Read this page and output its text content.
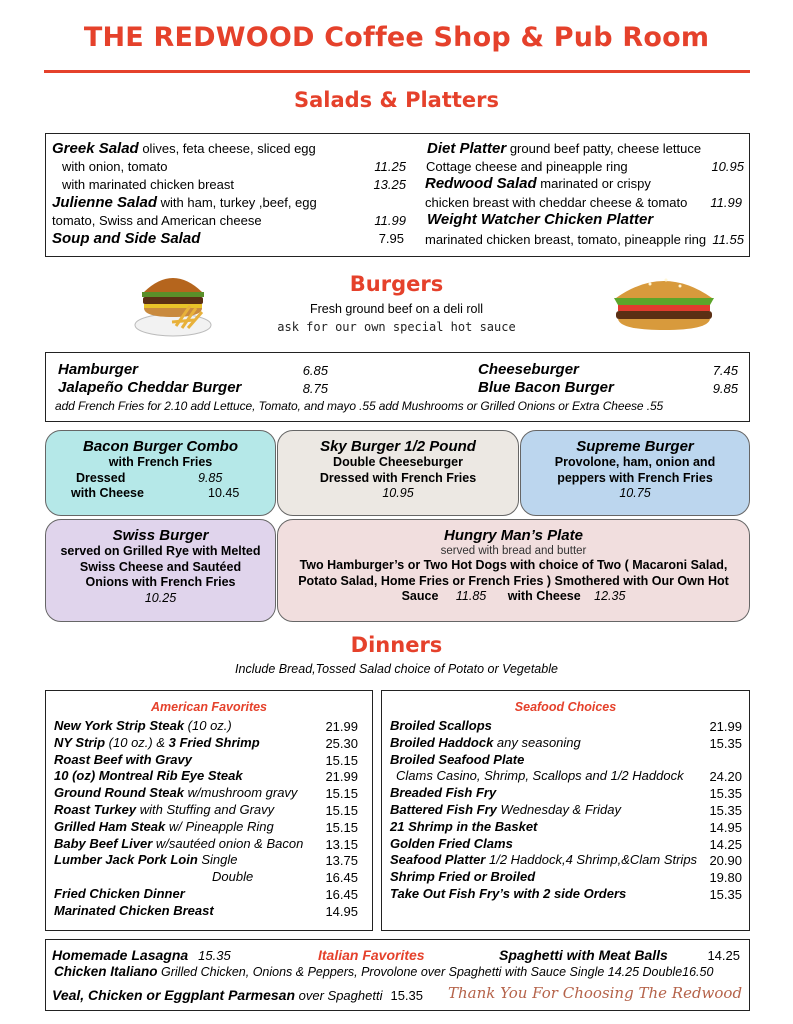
THE REDWOOD Coffee Shop & Pub Room
Salads & Platters
Greek Salad olives, feta cheese, sliced egg
with onion, tomato	11.25
with marinated chicken breast	13.25
Julienne Salad with ham, turkey ,beef, egg
tomato, Swiss and American cheese	11.99
Soup and Side Salad	7.95
Diet Platter ground beef patty, cheese lettuce
Cottage cheese and pineapple ring	10.95
Redwood Salad marinated or crispy
chicken breast with cheddar cheese & tomato	11.99
Weight Watcher Chicken Platter
marinated chicken breast, tomato, pineapple ring 11.55
Burgers
Fresh ground beef on a deli roll
ask for our own special hot sauce
Hamburger	6.85
Jalapeño Cheddar Burger	8.75
Cheeseburger	7.45
Blue Bacon Burger	9.85
add French Fries for 2.10 add Lettuce, Tomato, and mayo .55 add Mushrooms or Grilled Onions or Extra Cheese .55
Bacon Burger Combo
with French Fries
Dressed	9.85
with Cheese	10.45
Sky Burger 1/2 Pound
Double Cheeseburger
Dressed with French Fries
10.95
Supreme Burger
Provolone, ham, onion and
peppers with French Fries
10.75
Swiss Burger
served on Grilled Rye with Melted
Swiss Cheese and Sautéed
Onions with French Fries
10.25
Hungry Man’s Plate
served with bread and butter
Two Hamburger’s or Two Hot Dogs with choice of Two ( Macaroni Salad,
Potato Salad, Home Fries or French Fries ) Smothered with Our Own Hot
Sauce 11.85 with Cheese 12.35
Dinners
Include Bread,Tossed Salad choice of Potato or Vegetable
American Favorites
New York Strip Steak (10 oz.)	21.99
NY Strip (10 oz.) & 3 Fried Shrimp	25.30
Roast Beef with Gravy	15.15
10 (oz) Montreal Rib Eye Steak	21.99
Ground Round Steak w/mushroom gravy	15.15
Roast Turkey with Stuffing and Gravy	15.15
Grilled Ham Steak w/ Pineapple Ring	15.15
Baby Beef Liver w/sautéed onion & Bacon	13.15
Lumber Jack Pork Loin Single	13.75
Double	16.45
Fried Chicken Dinner	16.45
Marinated Chicken Breast	14.95
Seafood Choices
Broiled Scallops	21.99
Broiled Haddock any seasoning	15.35
Broiled Seafood Plate
Clams Casino, Shrimp, Scallops and 1/2 Haddock	24.20
Breaded Fish Fry	15.35
Battered Fish Fry Wednesday & Friday	15.35
21 Shrimp in the Basket	14.95
Golden Fried Clams	14.25
Seafood Platter 1/2 Haddock,4 Shrimp,&Clam Strips 20.90
Shrimp Fried or Broiled	19.80
Take Out Fish Fry’s with 2 side Orders	15.35
Homemade Lasagna 15.35	Italian Favorites	Spaghetti with Meat Balls	14.25
Chicken Italiano Grilled Chicken, Onions & Peppers, Provolone over Spaghetti with Sauce Single 14.25 Double16.50
Veal, Chicken or Eggplant Parmesan over Spaghetti 15.35 Thank You For Choosing The Redwood
